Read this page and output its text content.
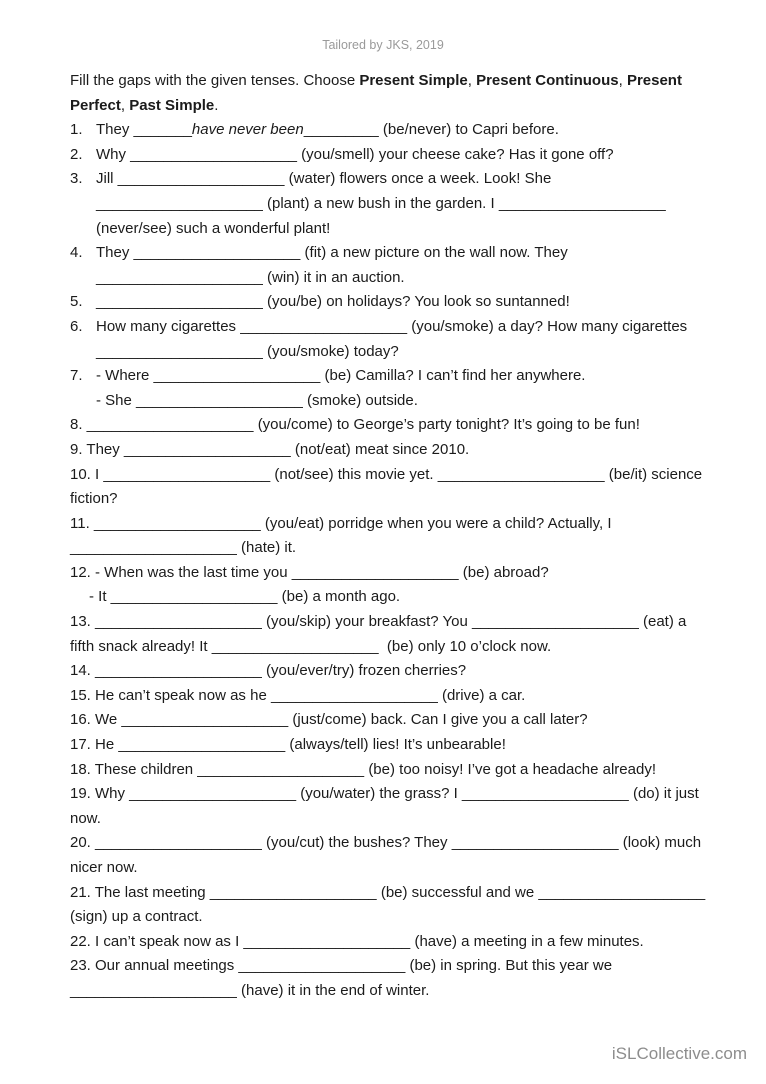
Tailored by JKS, 2019
Fill the gaps with the given tenses. Choose Present Simple, Present Continuous, Present
Perfect, Past Simple.
1. They _______have never been_________ (be/never) to Capri before.
2. Why ____________________ (you/smell) your cheese cake? Has it gone off?
3. Jill ____________________ (water) flowers once a week. Look! She
____________________ (plant) a new bush in the garden. I ____________________
(never/see) such a wonderful plant!
4. They ____________________ (fit) a new picture on the wall now. They
____________________ (win) it in an auction.
5. ____________________ (you/be) on holidays? You look so suntanned!
6. How many cigarettes ____________________ (you/smoke) a day? How many cigarettes
____________________ (you/smoke) today?
7. - Where ____________________ (be) Camilla? I can’t find her anywhere.
- She ____________________ (smoke) outside.
8. ____________________ (you/come) to George’s party tonight? It’s going to be fun!
9. They ____________________ (not/eat) meat since 2010.
10. I ____________________ (not/see) this movie yet. ____________________ (be/it) science
fiction?
11. ____________________ (you/eat) porridge when you were a child? Actually, I
____________________ (hate) it.
12. - When was the last time you ____________________ (be) abroad?
- It ____________________ (be) a month ago.
13. ____________________ (you/skip) your breakfast? You ____________________ (eat) a
fifth snack already! It ____________________  (be) only 10 o’clock now.
14. ____________________ (you/ever/try) frozen cherries?
15. He can’t speak now as he ____________________ (drive) a car.
16. We ____________________ (just/come) back. Can I give you a call later?
17. He ____________________ (always/tell) lies! It’s unbearable!
18. These children ____________________ (be) too noisy! I’ve got a headache already!
19. Why ____________________ (you/water) the grass? I ____________________ (do) it just
now.
20. ____________________ (you/cut) the bushes? They ____________________ (look) much
nicer now.
21. The last meeting ____________________ (be) successful and we ____________________
(sign) up a contract.
22. I can’t speak now as I ____________________ (have) a meeting in a few minutes.
23. Our annual meetings ____________________ (be) in spring. But this year we
____________________ (have) it in the end of winter.
iSLCollective.com
